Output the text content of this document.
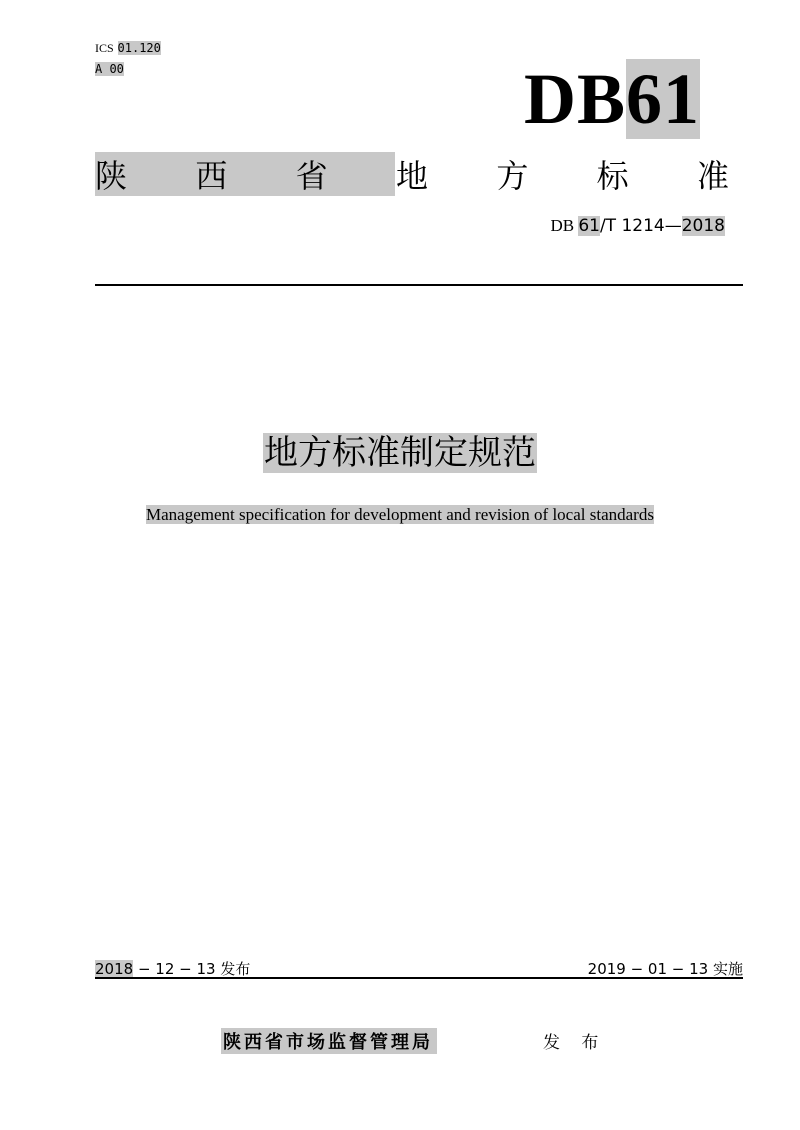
ICS 01.120
A 00	DB61
陕 西 省 地 方 标 准
DB 61/T 1214—2018
地方标准制定规范
Management specification for development and revision of local standards
2018 − 12 − 13 发布	2019 − 01 − 13 实施
陕西省市场监督管理局	发 布
